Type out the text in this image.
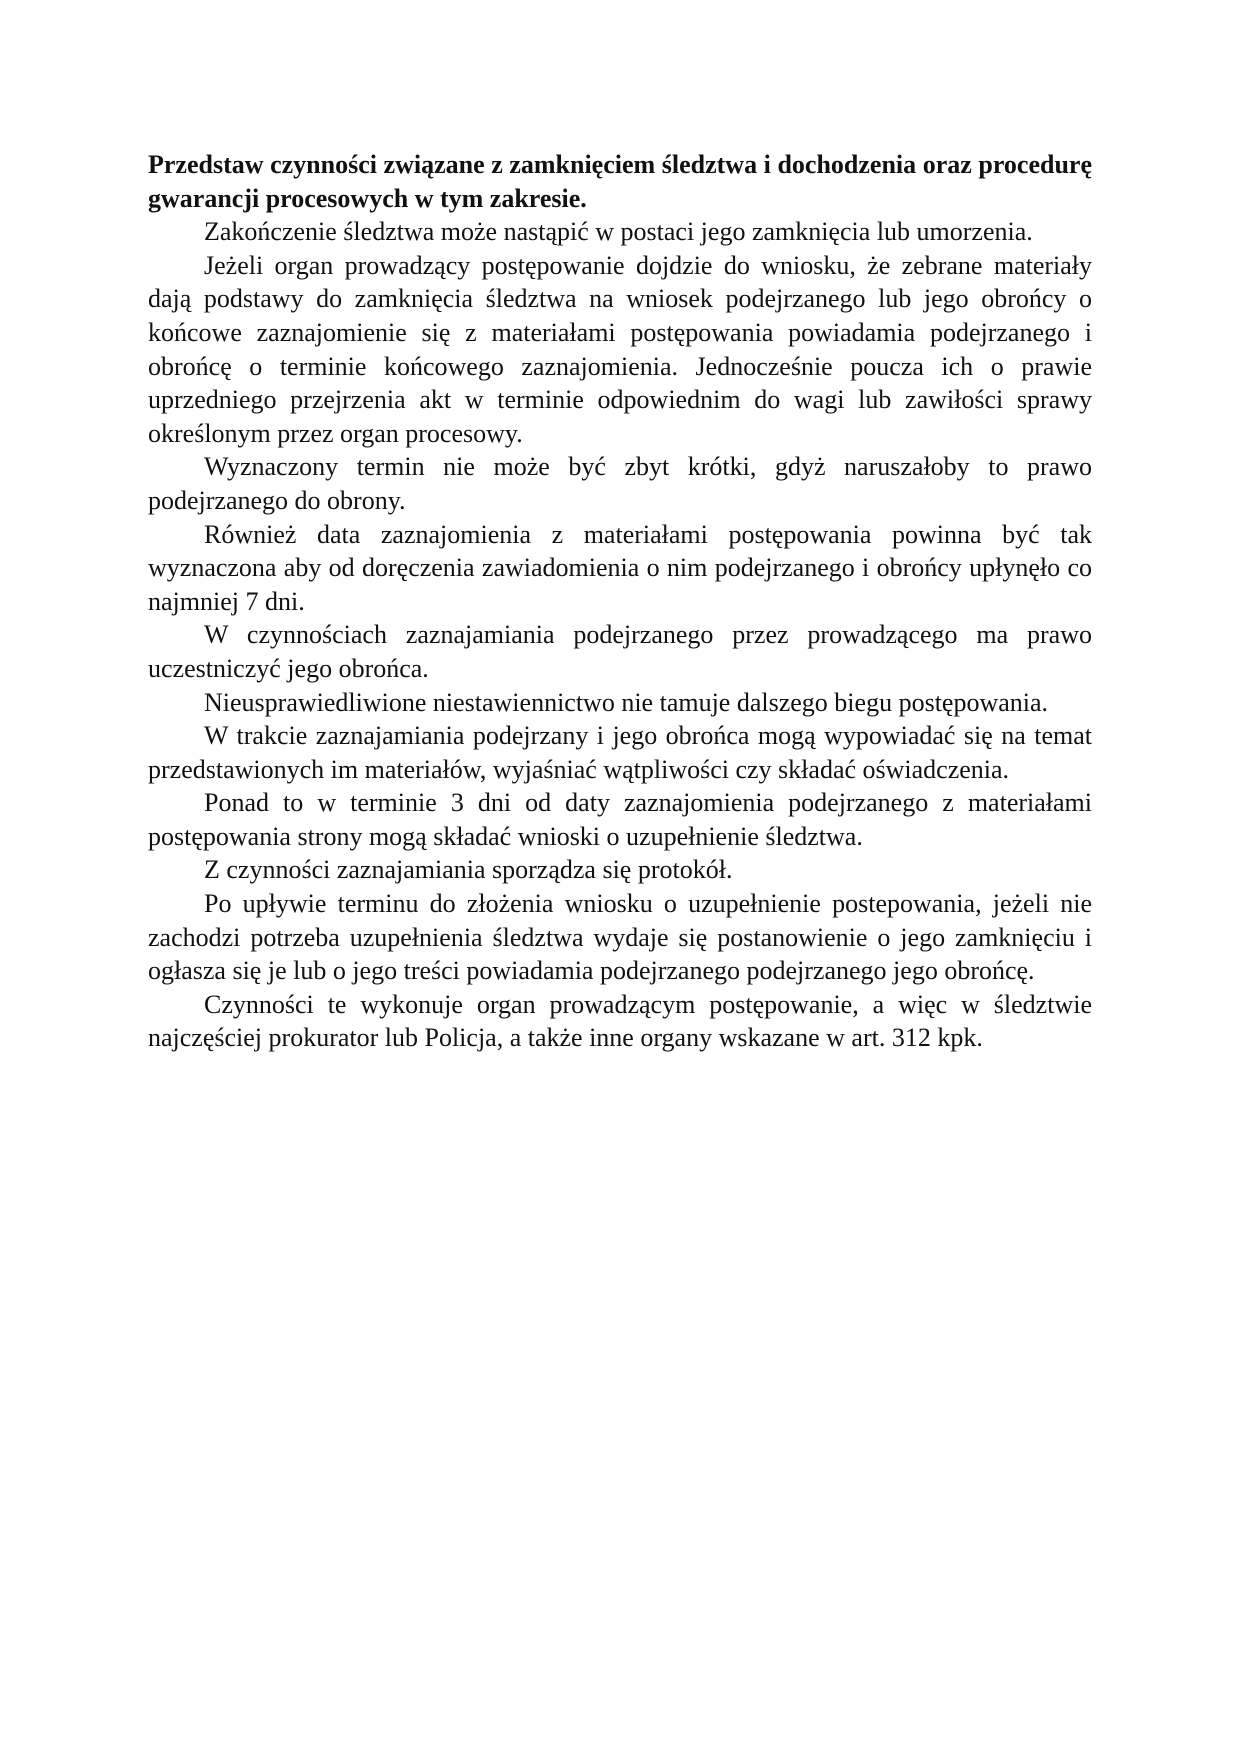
Przedstaw czynności związane z zamknięciem śledztwa i dochodzenia oraz procedurę gwarancji procesowych w tym zakresie.

Zakończenie śledztwa może nastąpić w postaci jego zamknięcia lub umorzenia.

Jeżeli organ prowadzący postępowanie dojdzie do wniosku, że zebrane materiały dają podstawy do zamknięcia śledztwa na wniosek podejrzanego lub jego obrońcy o końcowe zaznajomienie się z materiałami postępowania powiadamia podejrzanego i obrońcę o terminie końcowego zaznajomienia. Jednocześnie poucza ich o prawie uprzedniego przejrzenia akt w terminie odpowiednim do wagi lub zawiłości sprawy określonym przez organ procesowy.

Wyznaczony termin nie może być zbyt krótki, gdyż naruszałoby to prawo podejrzanego do obrony.

Również data zaznajomienia z materiałami postępowania powinna być tak wyznaczona aby od doręczenia zawiadomienia o nim podejrzanego i obrońcy upłynęło co najmniej 7 dni.

W czynnościach zaznajamiania podejrzanego przez prowadzącego ma prawo uczestniczyć jego obrońca.

Nieusprawiedliwione niestawiennictwo nie tamuje dalszego biegu postępowania.

W trakcie zaznajamiania podejrzany i jego obrońca mogą wypowiadać się na temat przedstawionych im materiałów, wyjaśniać wątpliwości czy składać oświadczenia.

Ponad to w terminie 3 dni od daty zaznajomienia podejrzanego z materiałami postępowania strony mogą składać wnioski o uzupełnienie śledztwa.

Z czynności zaznajamiania sporządza się protokół.

Po upływie terminu do złożenia wniosku o uzupełnienie postepowania, jeżeli nie zachodzi potrzeba uzupełnienia śledztwa wydaje się postanowienie o jego zamknięciu i ogłasza się je lub o jego treści powiadamia podejrzanego podejrzanego jego obrońcę.

Czynności te wykonuje organ prowadzącym postępowanie, a więc w śledztwie najczęściej prokurator lub Policja, a także inne organy wskazane w art. 312 kpk.
